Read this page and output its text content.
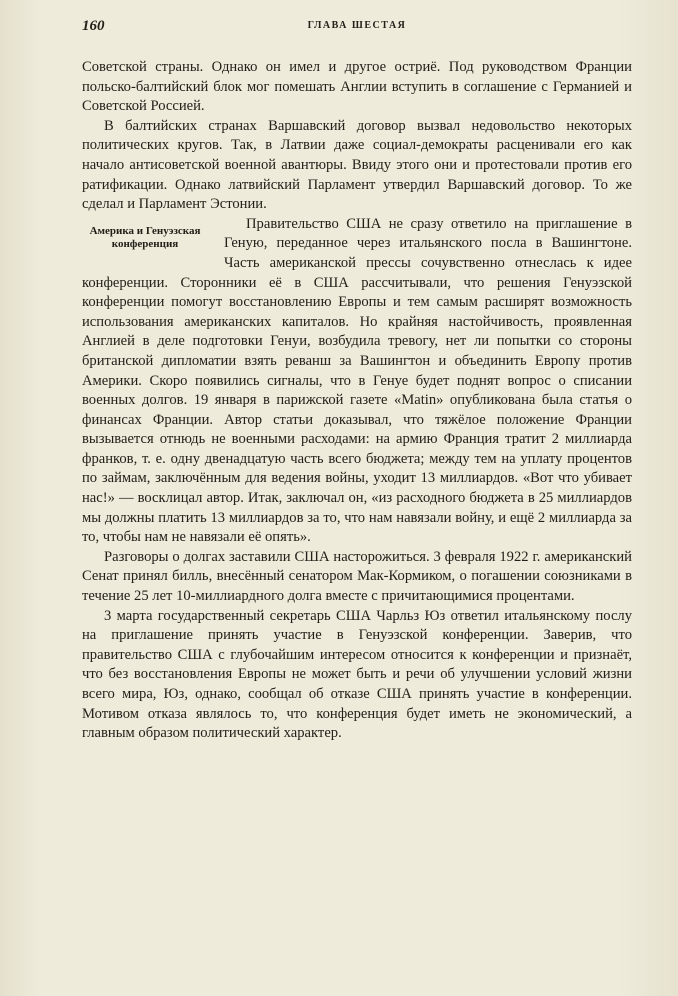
160	ГЛАВА ШЕСТАЯ

Советской страны. Однако он имел и другое остриё. Под руководством Франции польско-балтийский блок мог помешать Англии вступить в соглашение с Германией и Советской Россией.

В балтийских странах Варшавский договор вызвал недовольство некоторых политических кругов. Так, в Латвии даже социал-демократы расценивали его как начало антисоветской военной авантюры. Ввиду этого они и протестовали против его ратификации. Однако латвийский Парламент утвердил Варшавский договор. То же сделал и Парламент Эстонии.

Америка и Генуэзская конференция

Правительство США не сразу ответило на приглашение в Геную, переданное через итальянского посла в Вашингтоне. Часть американской прессы сочувственно отнеслась к идее конференции. Сторонники её в США рассчитывали, что решения Генуэзской конференции помогут восстановлению Европы и тем самым расширят возможность использования американских капиталов. Но крайняя настойчивость, проявленная Англией в деле подготовки Генуи, возбудила тревогу, нет ли попытки со стороны британской дипломатии взять реванш за Вашингтон и объединить Европу против Америки. Скоро появились сигналы, что в Генуе будет поднят вопрос о списании военных долгов. 19 января в парижской газете «Matin» опубликована была статья о финансах Франции. Автор статьи доказывал, что тяжёлое положение Франции вызывается отнюдь не военными расходами: на армию Франция тратит 2 миллиарда франков, т. е. одну двенадцатую часть всего бюджета; между тем на уплату процентов по займам, заключённым для ведения войны, уходит 13 миллиардов. «Вот что убивает нас!» — восклицал автор. Итак, заключал он, «из расходного бюджета в 25 миллиардов мы должны платить 13 миллиардов за то, что нам навязали войну, и ещё 2 миллиарда за то, чтобы нам не навязали её опять».

Разговоры о долгах заставили США насторожиться. 3 февраля 1922 г. американский Сенат принял билль, внесённый сенатором Мак-Кормиком, о погашении союзниками в течение 25 лет 10-миллиардного долга вместе с причитающимися процентами.

3 марта государственный секретарь США Чарльз Юз ответил итальянскому послу на приглашение принять участие в Генуэзской конференции. Заверив, что правительство США с глубочайшим интересом относится к конференции и признаёт, что без восстановления Европы не может быть и речи об улучшении условий жизни всего мира, Юз, однако, сообщал об отказе США принять участие в конференции. Мотивом отказа являлось то, что конференция будет иметь не экономический, а главным образом политический характер.
